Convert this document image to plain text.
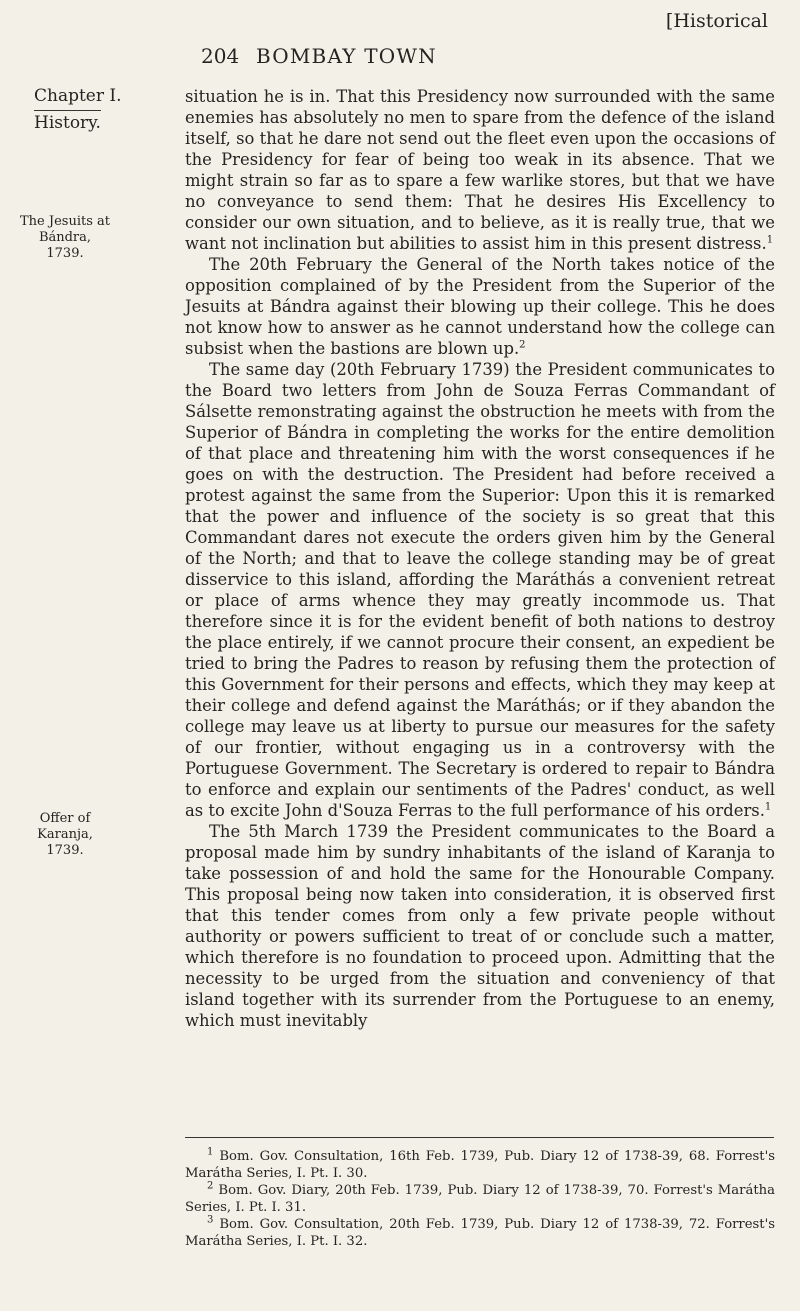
[Historical
204 BOMBAY TOWN
Chapter I.
History.
The Jesuits at
Bándra,
1739.
Offer of
Karanja,
1739.

situation he is in. That this Presidency now surrounded with the same enemies has absolutely no men to spare from the defence of the island itself, so that he dare not send out the fleet even upon the occasions of the Presidency for fear of being too weak in its absence. That we might strain so far as to spare a few warlike stores, but that we have no conveyance to send them: That he desires His Excellency to consider our own situation, and to believe, as it is really true, that we want not inclination but abilities to assist him in this present distress.$^1$

The 20th February the General of the North takes notice of the opposition complained of by the President from the Superior of the Jesuits at Bándra against their blowing up their college. This he does not know how to answer as he cannot understand how the college can subsist when the bastions are blown up.$^2$

The same day (20th February 1739) the President communicates to the Board two letters from John de Souza Ferras Commandant of Sálsette remonstrating against the obstruction he meets with from the Superior of Bándra in completing the works for the entire demolition of that place and threatening him with the worst consequences if he goes on with the destruction. The President had before received a protest against the same from the Superior: Upon this it is remarked that the power and influence of the society is so great that this Commandant dares not execute the orders given him by the General of the North; and that to leave the college standing may be of great disservice to this island, affording the Maráthás a convenient retreat or place of arms whence they may greatly incommode us. That therefore since it is for the evident benefit of both nations to destroy the place entirely, if we cannot procure their consent, an expedient be tried to bring the Padres to reason by refusing them the protection of this Government for their persons and effects, which they may keep at their college and defend against the Maráthás; or if they abandon the college may leave us at liberty to pursue our measures for the safety of our frontier, without engaging us in a controversy with the Portuguese Government. The Secretary is ordered to repair to Bándra to enforce and explain our sentiments of the Padres' conduct, as well as to excite John d'Souza Ferras to the full performance of his orders.$^1$

The 5th March 1739 the President communicates to the Board a proposal made him by sundry inhabitants of the island of Karanja to take possession of and hold the same for the Honourable Company. This proposal being now taken into consideration, it is observed first that this tender comes from only a few private people without authority or powers sufficient to treat of or conclude such a matter, which therefore is no foundation to proceed upon. Admitting that the necessity to be urged from the situation and conveniency of that island together with its surrender from the Portuguese to an enemy, which must inevitably

$^1$ Bom. Gov. Consultation, 16th Feb. 1739, Pub. Diary 12 of 1738-39, 68. Forrest's Marátha Series, I. Pt. I. 30.

$^2$ Bom. Gov. Diary, 20th Feb. 1739, Pub. Diary 12 of 1738-39, 70. Forrest's Marátha Series, I. Pt. I. 31.

$^3$ Bom. Gov. Consultation, 20th Feb. 1739, Pub. Diary 12 of 1738-39, 72. Forrest's Marátha Series, I. Pt. I. 32.
